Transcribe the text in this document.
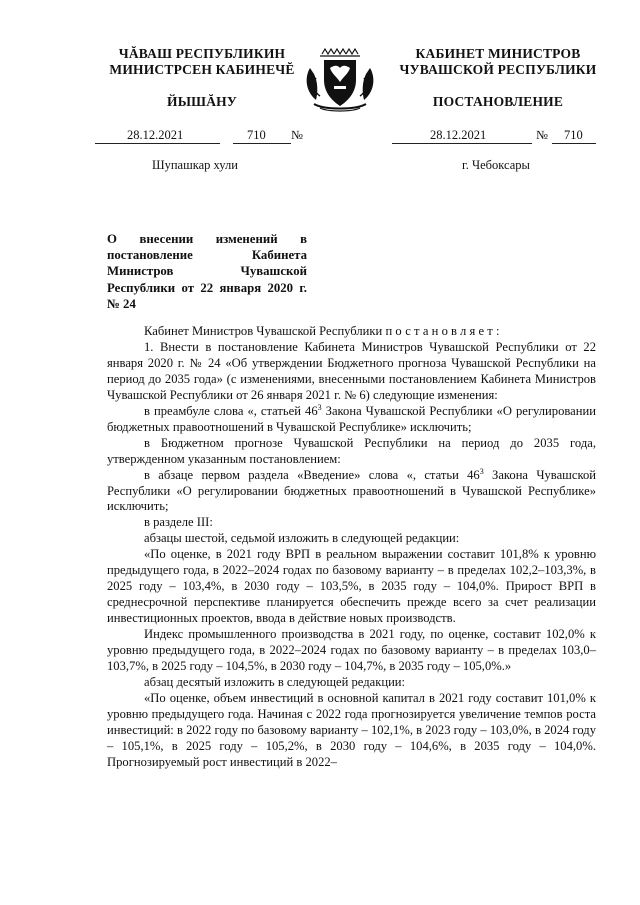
ЧĂВАШ РЕСПУБЛИКИН
МИНИСТРСЕН КАБИНЕЧĔ
ЙЫШĂНУ
КАБИНЕТ МИНИСТРОВ
ЧУВАШСКОЙ РЕСПУБЛИКИ
ПОСТАНОВЛЕНИЕ
28.12.2021	710 №	28.12.2021	№ 710
Шупашкар хули	г. Чебоксары
О внесении изменений в постановление Кабинета Министров Чувашской Республики от 22 января 2020 г. № 24

Кабинет Министров Чувашской Республики постановляет:

1. Внести в постановление Кабинета Министров Чувашской Республики от 22 января 2020 г. № 24 «Об утверждении Бюджетного прогноза Чувашской Республики на период до 2035 года» (с изменениями, внесенными постановлением Кабинета Министров Чувашской Республики от 26 января 2021 г. № 6) следующие изменения:

в преамбуле слова «, статьей $46^3$ Закона Чувашской Республики «О регулировании бюджетных правоотношений в Чувашской Республике» исключить;

в Бюджетном прогнозе Чувашской Республики на период до 2035 года, утвержденном указанным постановлением:

в абзаце первом раздела «Введение» слова «, статьи $46^3$ Закона Чувашской Республики «О регулировании бюджетных правоотношений в Чувашской Республике» исключить;

в разделе III:

абзацы шестой, седьмой изложить в следующей редакции:

«По оценке, в 2021 году ВРП в реальном выражении составит 101,8% к уровню предыдущего года, в 2022–2024 годах по базовому варианту – в пределах 102,2–103,3%, в 2025 году – 103,4%, в 2030 году – 103,5%, в 2035 году – 104,0%. Прирост ВРП в среднесрочной перспективе планируется обеспечить прежде всего за счет реализации инвестиционных проектов, ввода в действие новых производств.

Индекс промышленного производства в 2021 году, по оценке, составит 102,0% к уровню предыдущего года, в 2022–2024 годах по базовому варианту – в пределах 103,0–103,7%, в 2025 году – 104,5%, в 2030 году – 104,7%, в 2035 году – 105,0%.»

абзац десятый изложить в следующей редакции:

«По оценке, объем инвестиций в основной капитал в 2021 году составит 101,0% к уровню предыдущего года. Начиная с 2022 года прогнозируется увеличение темпов роста инвестиций: в 2022 году по базовому варианту – 102,1%, в 2023 году – 103,0%, в 2024 году – 105,1%, в 2025 году – 105,2%, в 2030 году – 104,6%, в 2035 году – 104,0%. Прогнозируемый рост инвестиций в 2022–
